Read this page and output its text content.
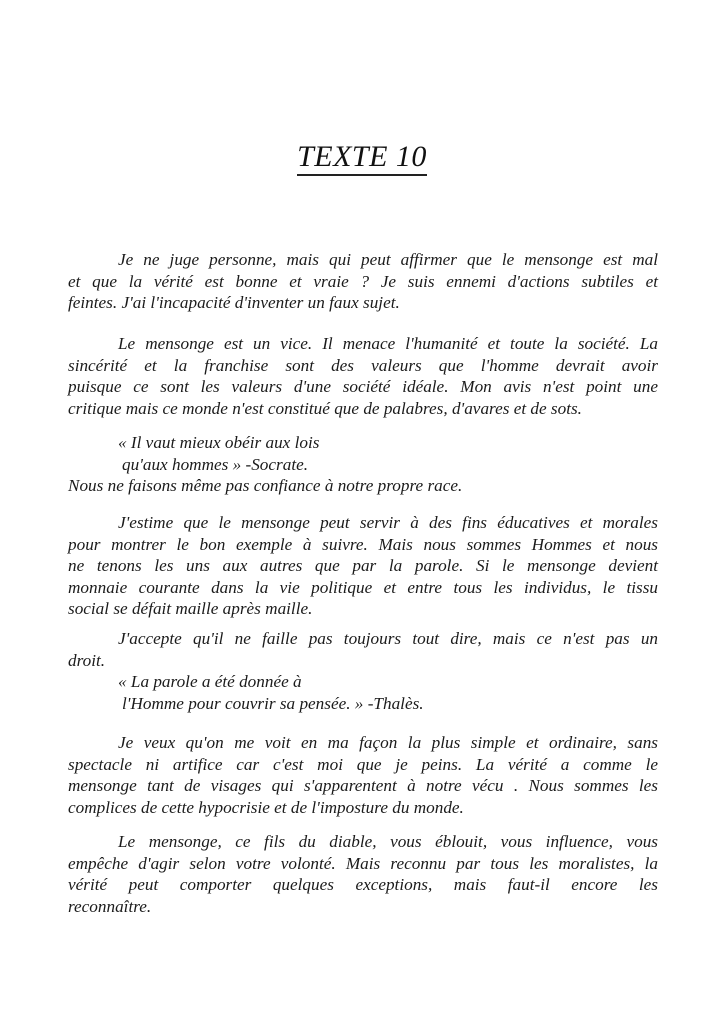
TEXTE 10
Je ne juge personne, mais qui peut affirmer que le mensonge est mal
et que la vérité est bonne et vraie ? Je suis ennemi d'actions subtiles et
feintes. J'ai l'incapacité d'inventer un faux sujet.
Le mensonge est un vice. Il menace l'humanité et toute la société. La
sincérité et la franchise sont des valeurs que l'homme devrait avoir
puisque ce sont les valeurs d'une société idéale. Mon avis n'est point une
critique mais ce monde n'est constitué que de palabres, d'avares et de sots.
« Il vaut mieux obéir aux lois
qu'aux hommes » -Socrate.
Nous ne faisons même pas confiance à notre propre race.
J'estime que le mensonge peut servir à des fins éducatives et morales
pour montrer le bon exemple à suivre. Mais nous sommes Hommes et nous
ne tenons les uns aux autres que par la parole. Si le mensonge devient
monnaie courante dans la vie politique et entre tous les individus, le tissu
social se défait maille après maille.
J'accepte qu'il ne faille pas toujours tout dire, mais ce n'est pas un
droit.
« La parole a été donnée à
l'Homme pour couvrir sa pensée. » -Thalès.
Je veux qu'on me voit en ma façon la plus simple et ordinaire, sans
spectacle ni artifice car c'est moi que je peins. La vérité a comme le
mensonge tant de visages qui s'apparentent à notre vécu . Nous sommes les
complices de cette hypocrisie et de l'imposture du monde.
Le mensonge, ce fils du diable, vous éblouit, vous influence, vous
empêche d'agir selon votre volonté. Mais reconnu par tous les moralistes, la
vérité peut comporter quelques exceptions, mais faut-il encore les
reconnaître.
